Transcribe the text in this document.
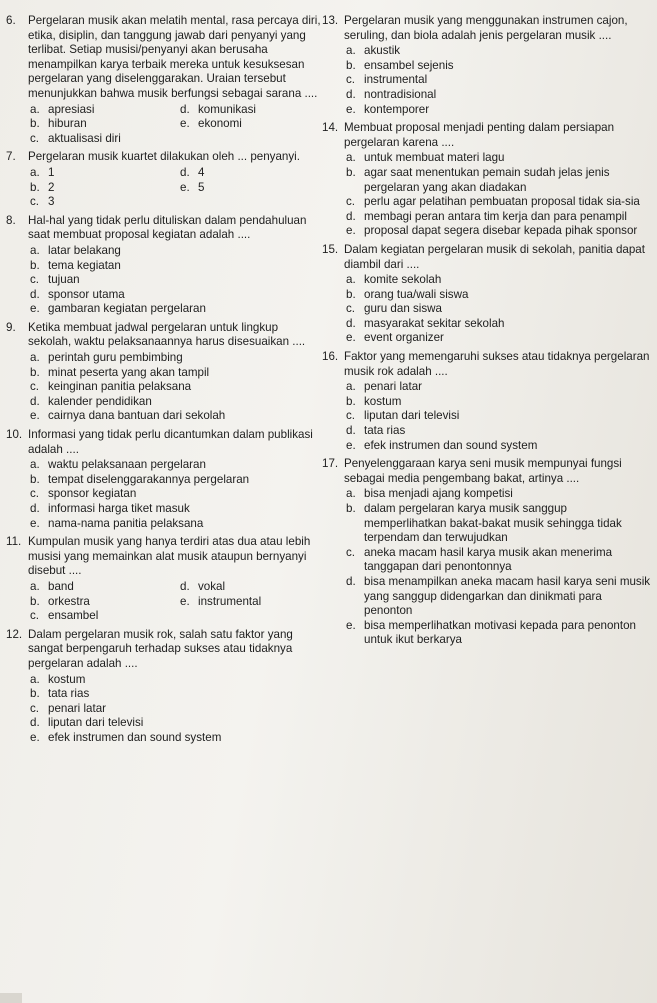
6. Pergelaran musik akan melatih mental, rasa percaya diri, etika, disiplin, dan tanggung jawab dari penyanyi yang terlibat. Setiap musisi/penyanyi akan berusaha menampilkan karya terbaik mereka untuk kesuksesan pergelaran yang diselenggarakan. Uraian tersebut menunjukkan bahwa musik berfungsi sebagai sarana ....
a. apresiasi	d. komunikasi
b. hiburan	e. ekonomi
c. aktualisasi diri
7. Pergelaran musik kuartet dilakukan oleh ... penyanyi.
a. 1	d. 4
b. 2	e. 5
c. 3
8. Hal-hal yang tidak perlu dituliskan dalam pendahuluan saat membuat proposal kegiatan adalah ....
a. latar belakang
b. tema kegiatan
c. tujuan
d. sponsor utama
e. gambaran kegiatan pergelaran
9. Ketika membuat jadwal pergelaran untuk lingkup sekolah, waktu pelaksanaannya harus disesuaikan ....
a. perintah guru pembimbing
b. minat peserta yang akan tampil
c. keinginan panitia pelaksana
d. kalender pendidikan
e. cairnya dana bantuan dari sekolah
10. Informasi yang tidak perlu dicantumkan dalam publikasi adalah ....
a. waktu pelaksanaan pergelaran
b. tempat diselenggarakannya pergelaran
c. sponsor kegiatan
d. informasi harga tiket masuk
e. nama-nama panitia pelaksana
11. Kumpulan musik yang hanya terdiri atas dua atau lebih musisi yang memainkan alat musik ataupun bernyanyi disebut ....
a. band	d. vokal
b. orkestra	e. instrumental
c. ensambel
12. Dalam pergelaran musik rok, salah satu faktor yang sangat berpengaruh terhadap sukses atau tidaknya pergelaran adalah ....
a. kostum
b. tata rias
c. penari latar
d. liputan dari televisi
e. efek instrumen dan sound system
13. Pergelaran musik yang menggunakan instrumen cajon, seruling, dan biola adalah jenis pergelaran musik ....
a. akustik
b. ensambel sejenis
c. instrumental
d. nontradisional
e. kontemporer
14. Membuat proposal menjadi penting dalam persiapan pergelaran karena ....
a. untuk membuat materi lagu
b. agar saat menentukan pemain sudah jelas jenis pergelaran yang akan diadakan
c. perlu agar pelatihan pembuatan proposal tidak sia-sia
d. membagi peran antara tim kerja dan para penampil
e. proposal dapat segera disebar kepada pihak sponsor
15. Dalam kegiatan pergelaran musik di sekolah, panitia dapat diambil dari ....
a. komite sekolah
b. orang tua/wali siswa
c. guru dan siswa
d. masyarakat sekitar sekolah
e. event organizer
16. Faktor yang memengaruhi sukses atau tidaknya pergelaran musik rok adalah ....
a. penari latar
b. kostum
c. liputan dari televisi
d. tata rias
e. efek instrumen dan sound system
17. Penyelenggaraan karya seni musik mempunyai fungsi sebagai media pengembang bakat, artinya ....
a. bisa menjadi ajang kompetisi
b. dalam pergelaran karya musik sanggup memperlihatkan bakat-bakat musik sehingga tidak terpendam dan terwujudkan
c. aneka macam hasil karya musik akan menerima tanggapan dari penontonnya
d. bisa menampilkan aneka macam hasil karya seni musik yang sanggup didengarkan dan dinikmati para penonton
e. bisa memperlihatkan motivasi kepada para penonton untuk ikut berkarya
